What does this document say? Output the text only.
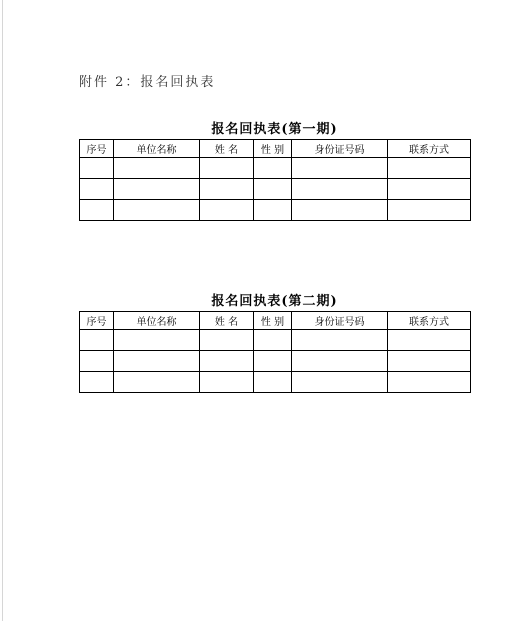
附件 2：报名回执表
报名回执表(第一期)
序号	单位名称	姓 名	性 别	身份证号码	联系方式

报名回执表(第二期)
序号	单位名称	姓 名	性 别	身份证号码	联系方式
